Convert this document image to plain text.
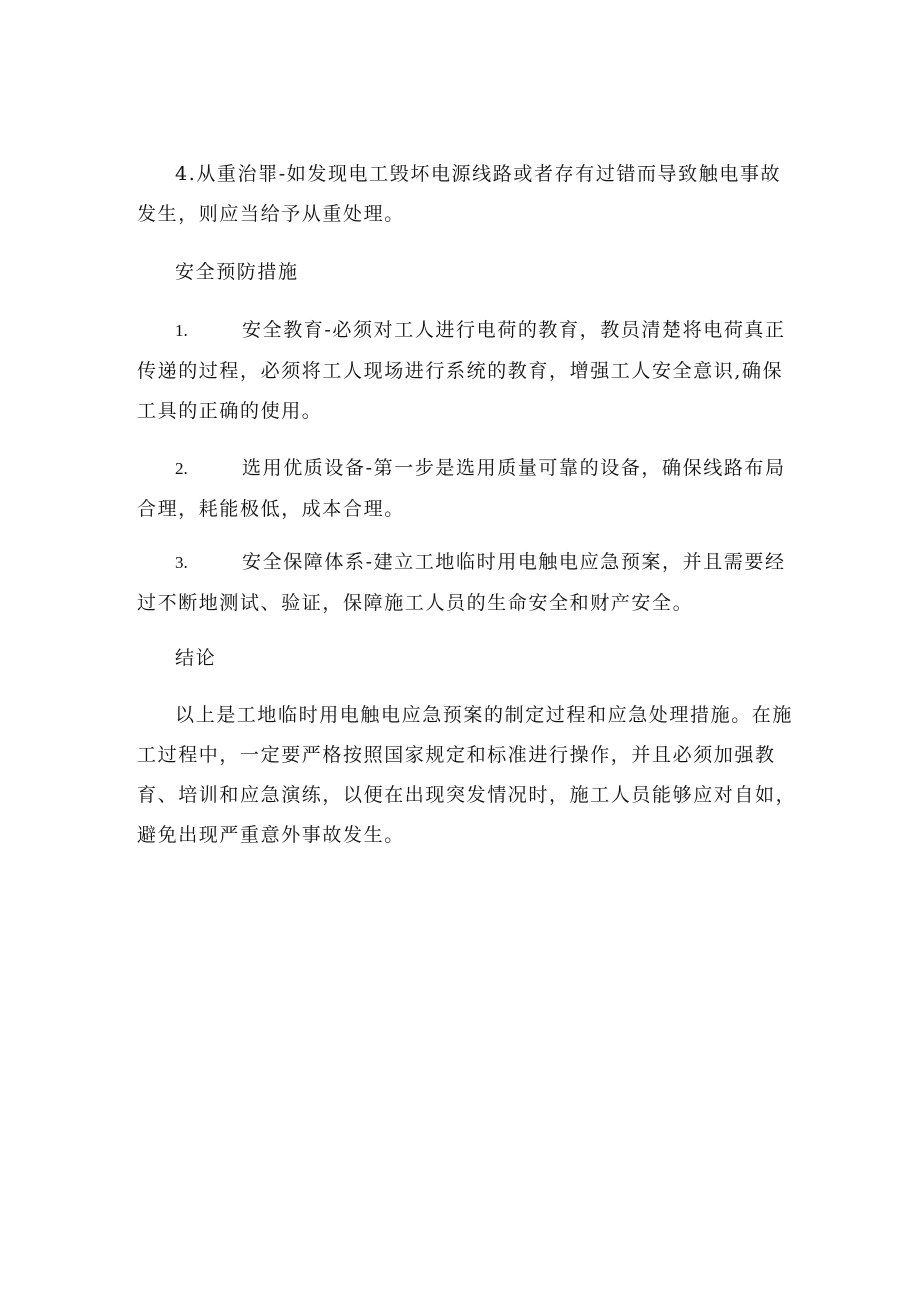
4.从重治罪-如发现电工毁坏电源线路或者存有过错而导致触电事故发生，则应当给予从重处理。

安全预防措施

1.	安全教育-必须对工人进行电荷的教育，教员清楚将电荷真正传递的过程，必须将工人现场进行系统的教育，增强工人安全意识,确保工具的正确的使用。

2.	选用优质设备-第一步是选用质量可靠的设备，确保线路布局合理，耗能极低，成本合理。

3.	安全保障体系-建立工地临时用电触电应急预案，并且需要经过不断地测试、验证，保障施工人员的生命安全和财产安全。

结论

以上是工地临时用电触电应急预案的制定过程和应急处理措施。在施工过程中，一定要严格按照国家规定和标准进行操作，并且必须加强教育、培训和应急演练，以便在出现突发情况时，施工人员能够应对自如，避免出现严重意外事故发生。
